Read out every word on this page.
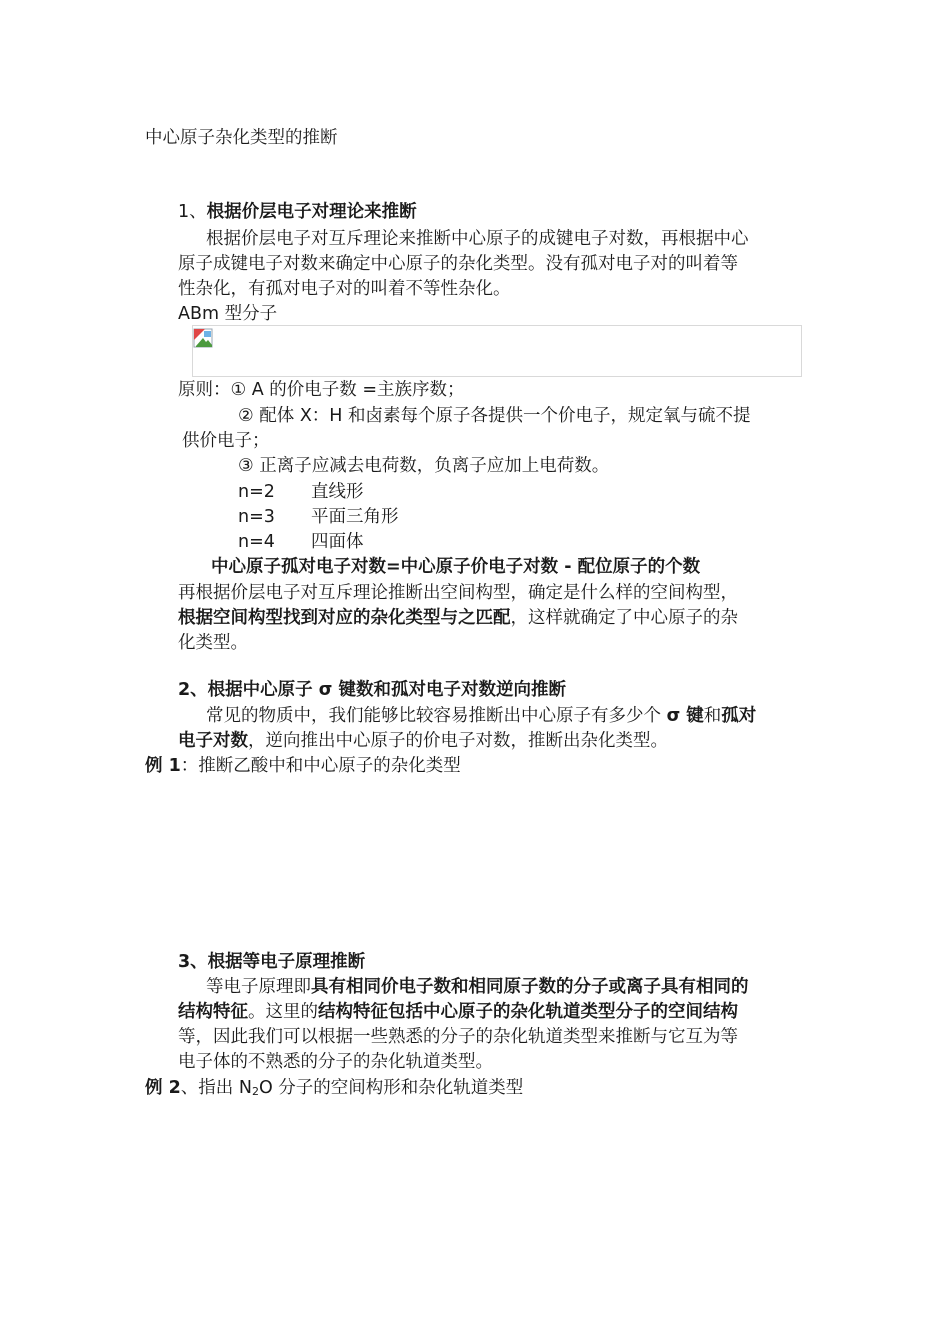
中心原子杂化类型的推断
1、根据价层电子对理论来推断
根据价层电子对互斥理论来推断中心原子的成键电子对数，再根据中心
原子成键电子对数来确定中心原子的杂化类型。没有孤对电子对的叫着等
性杂化，有孤对电子对的叫着不等性杂化。
ABm 型分子
原则：① A 的价电子数 =主族序数；
② 配体 X：H 和卤素每个原子各提供一个价电子，规定氧与硫不提
供价电子；
③ 正离子应减去电荷数，负离子应加上电荷数。
n=2 直线形
n=3 平面三角形
n=4 四面体
中心原子孤对电子对数=中心原子价电子对数 - 配位原子的个数
再根据价层电子对互斥理论推断出空间构型，确定是什么样的空间构型，
根据空间构型找到对应的杂化类型与之匹配，这样就确定了中心原子的杂
化类型。
2、根据中心原子 σ 键数和孤对电子对数逆向推断
常见的物质中，我们能够比较容易推断出中心原子有多少个 σ 键和孤对
电子对数，逆向推出中心原子的价电子对数，推断出杂化类型。
例 1：推断乙酸中和中心原子的杂化类型
3、根据等电子原理推断
等电子原理即具有相同价电子数和相同原子数的分子或离子具有相同的
结构特征。这里的结构特征包括中心原子的杂化轨道类型分子的空间结构
等，因此我们可以根据一些熟悉的分子的杂化轨道类型来推断与它互为等
电子体的不熟悉的分子的杂化轨道类型。
例 2、指出 $N_2O$ 分子的空间构形和杂化轨道类型
